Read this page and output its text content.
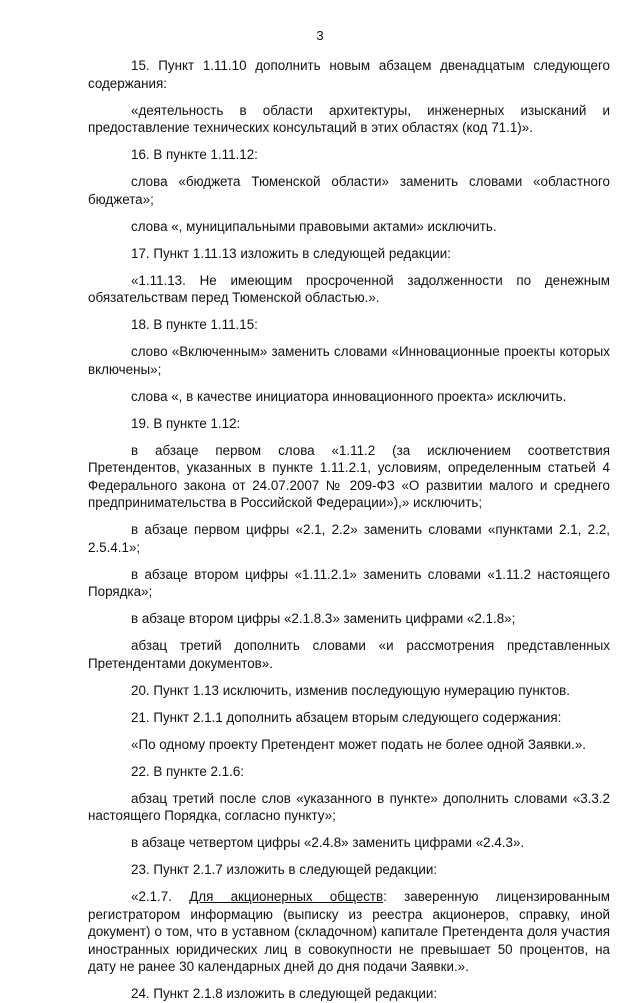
3

15. Пункт 1.11.10 дополнить новым абзацем двенадцатым следующего содержания:

«деятельность в области архитектуры, инженерных изысканий и предоставление технических консультаций в этих областях (код 71.1)».

16. В пункте 1.11.12:

слова «бюджета Тюменской области» заменить словами «областного бюджета»;

слова «, муниципальными правовыми актами» исключить.

17. Пункт 1.11.13 изложить в следующей редакции:

«1.11.13. Не имеющим просроченной задолженности по денежным обязательствам перед Тюменской областью.».

18. В пункте 1.11.15:

слово «Включенным» заменить словами «Инновационные проекты которых включены»;

слова «, в качестве инициатора инновационного проекта» исключить.

19. В пункте 1.12:

в абзаце первом слова «1.11.2 (за исключением соответствия Претендентов, указанных в пункте 1.11.2.1, условиям, определенным статьей 4 Федерального закона от 24.07.2007 № 209-ФЗ «О развитии малого и среднего предпринимательства в Российской Федерации»),» исключить;

в абзаце первом цифры «2.1, 2.2» заменить словами «пунктами 2.1, 2.2, 2.5.4.1»;

в абзаце втором цифры «1.11.2.1» заменить словами «1.11.2 настоящего Порядка»;

в абзаце втором цифры «2.1.8.3» заменить цифрами «2.1.8»;

абзац третий дополнить словами «и рассмотрения представленных Претендентами документов».

20. Пункт 1.13 исключить, изменив последующую нумерацию пунктов.

21. Пункт 2.1.1 дополнить абзацем вторым следующего содержания:

«По одному проекту Претендент может подать не более одной Заявки.».

22. В пункте 2.1.6:

абзац третий после слов «указанного в пункте» дополнить словами «3.3.2 настоящего Порядка, согласно пункту»;

в абзаце четвертом цифры «2.4.8» заменить цифрами «2.4.3».

23. Пункт 2.1.7 изложить в следующей редакции:

«2.1.7. Для акционерных обществ: заверенную лицензированным регистратором информацию (выписку из реестра акционеров, справку, иной документ) о том, что в уставном (складочном) капитале Претендента доля участия иностранных юридических лиц в совокупности не превышает 50 процентов, на дату не ранее 30 календарных дней до дня подачи Заявки.».

24. Пункт 2.1.8 изложить в следующей редакции:
